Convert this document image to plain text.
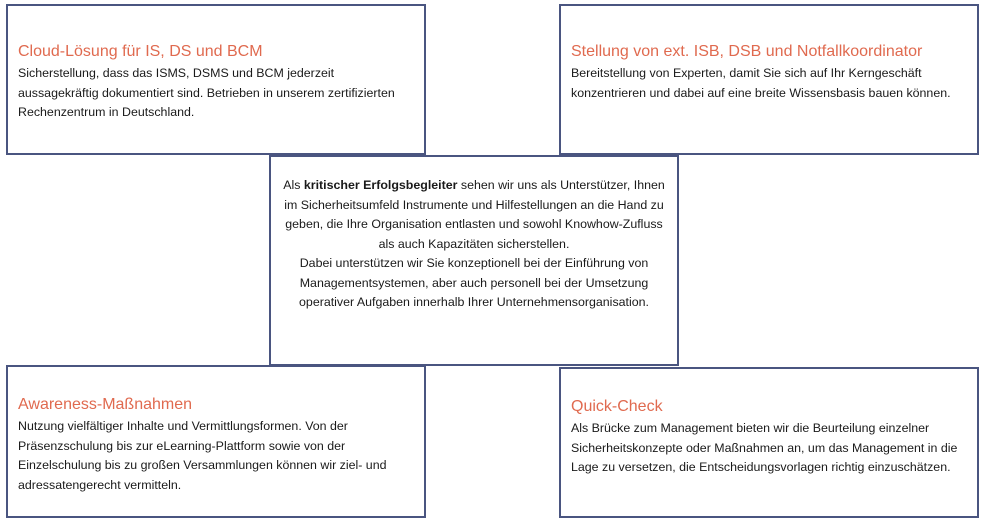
Cloud-Lösung für IS, DS und BCM
Sicherstellung, dass das ISMS, DSMS und BCM jederzeit aussagekräftig dokumentiert sind. Betrieben in unserem zertifizierten Rechenzentrum in Deutschland.
Stellung von ext. ISB, DSB und Notfallkoordinator
Bereitstellung von Experten, damit Sie sich auf Ihr Kerngeschäft konzentrieren und dabei auf eine breite Wissensbasis bauen können.
Als kritischer Erfolgsbegleiter sehen wir uns als Unterstützer, Ihnen im Sicherheitsumfeld Instrumente und Hilfestellungen an die Hand zu geben, die Ihre Organisation entlasten und sowohl Knowhow-Zufluss als auch Kapazitäten sicherstellen.
Dabei unterstützen wir Sie konzeptionell bei der Einführung von Managementsystemen, aber auch personell bei der Umsetzung operativer Aufgaben innerhalb Ihrer Unternehmensorganisation.
Awareness-Maßnahmen
Nutzung vielfältiger Inhalte und Vermittlungsformen. Von der Präsenzschulung bis zur eLearning-Plattform sowie von der Einzelschulung bis zu großen Versammlungen können wir ziel- und adressatengerecht vermitteln.
Quick-Check
Als Brücke zum Management bieten wir die Beurteilung einzelner Sicherheitskonzepte oder Maßnahmen an, um das Management in die Lage zu versetzen, die Entscheidungsvorlagen richtig einzuschätzen.
